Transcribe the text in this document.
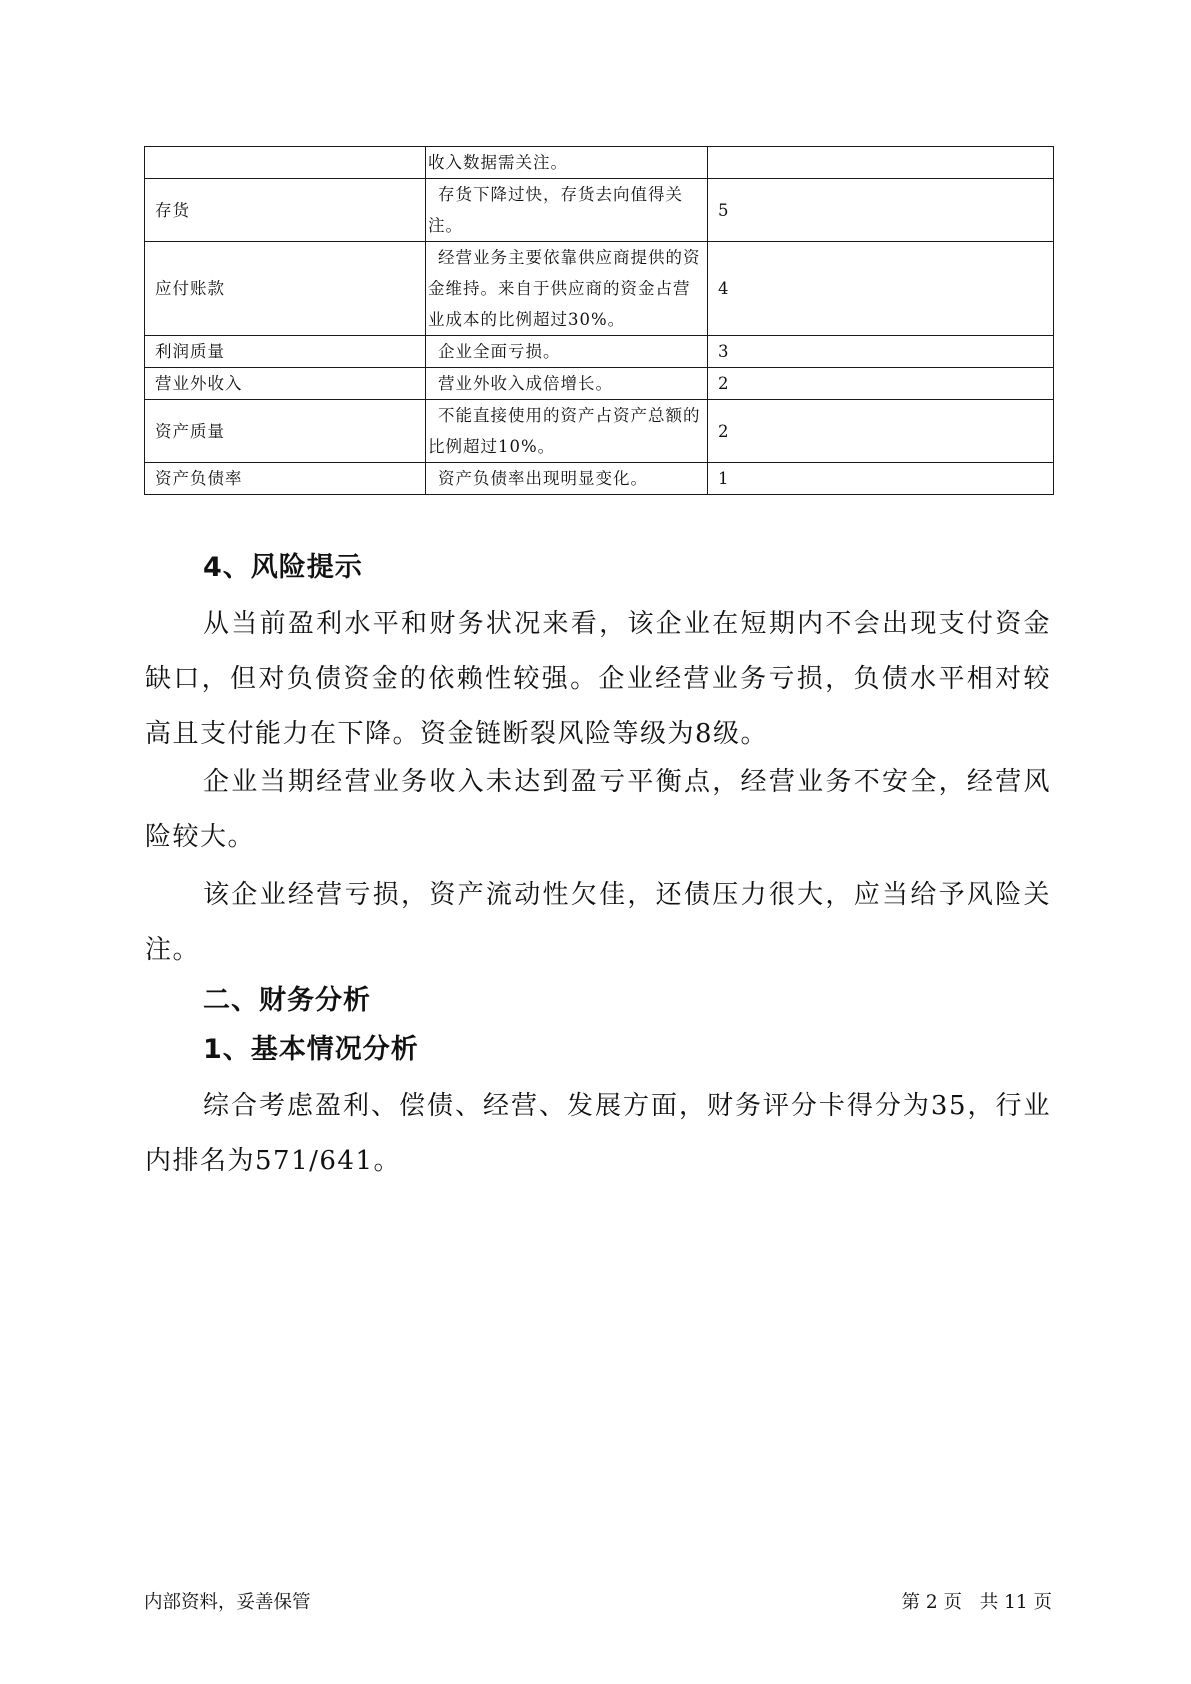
	收入数据需关注。	
存货	存货下降过快，存货去向值得关注。	5
应付账款	经营业务主要依靠供应商提供的资金维持。来自于供应商的资金占营业成本的比例超过30%。	4
利润质量	企业全面亏损。	3
营业外收入	营业外收入成倍增长。	2
资产质量	不能直接使用的资产占资产总额的比例超过10%。	2
资产负债率	资产负债率出现明显变化。	1
4、风险提示

从当前盈利水平和财务状况来看，该企业在短期内不会出现支付资金缺口，但对负债资金的依赖性较强。企业经营业务亏损，负债水平相对较高且支付能力在下降。资金链断裂风险等级为8级。

企业当期经营业务收入未达到盈亏平衡点，经营业务不安全，经营风险较大。

该企业经营亏损，资产流动性欠佳，还债压力很大，应当给予风险关注。

二、财务分析
1、基本情况分析

综合考虑盈利、偿债、经营、发展方面，财务评分卡得分为35，行业内排名为571/641。

内部资料，妥善保管	第 2 页   共 11 页
